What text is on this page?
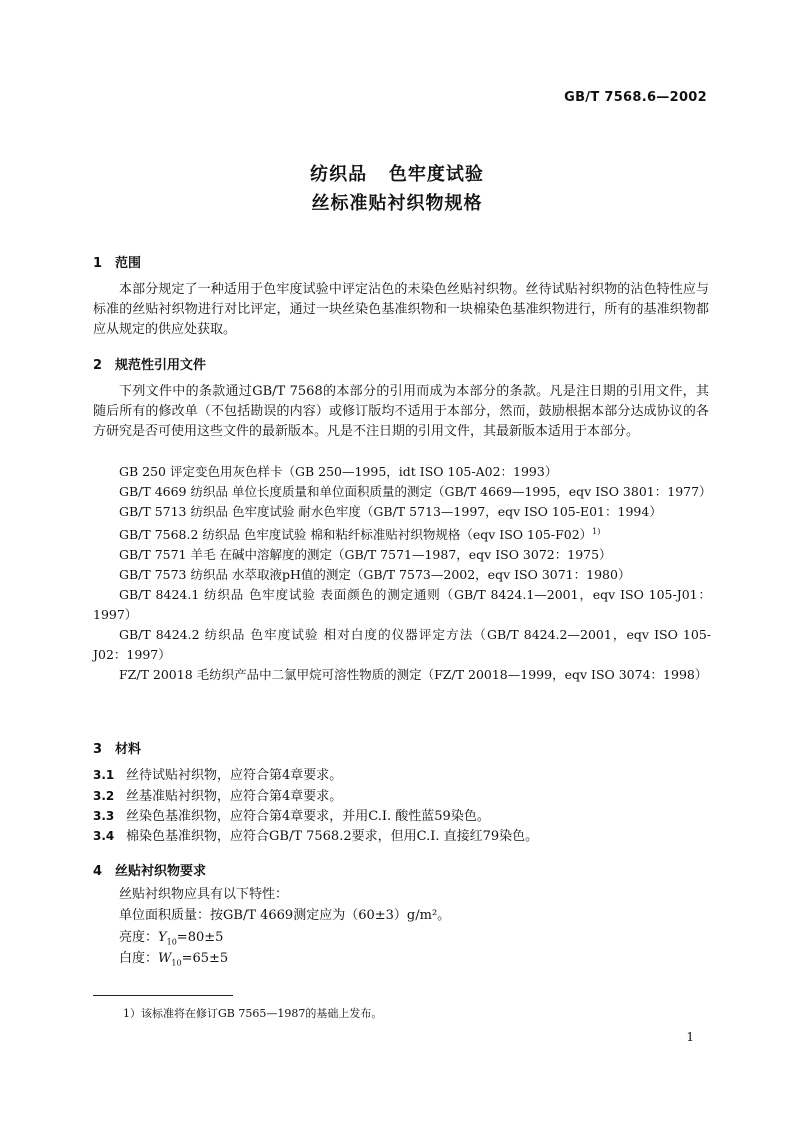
GB/T 7568.6—2002
纺织品   色牢度试验
丝标准贴衬织物规格
1 范围
本部分规定了一种适用于色牢度试验中评定沾色的未染色丝贴衬织物。丝待试贴衬织物的沾色特性应与标准的丝贴衬织物进行对比评定，通过一块丝染色基准织物和一块棉染色基准织物进行，所有的基准织物都应从规定的供应处获取。
2 规范性引用文件
下列文件中的条款通过GB/T 7568的本部分的引用而成为本部分的条款。凡是注日期的引用文件，其随后所有的修改单（不包括勘误的内容）或修订版均不适用于本部分，然而，鼓励根据本部分达成协议的各方研究是否可使用这些文件的最新版本。凡是不注日期的引用文件，其最新版本适用于本部分。

GB 250 评定变色用灰色样卡（GB 250—1995，idt ISO 105-A02：1993）

GB/T 4669 纺织品 单位长度质量和单位面积质量的测定（GB/T 4669—1995，eqv ISO 3801：1977）

GB/T 5713 纺织品 色牢度试验 耐水色牢度（GB/T 5713—1997，eqv ISO 105-E01：1994）

GB/T 7568.2 纺织品 色牢度试验 棉和粘纤标准贴衬织物规格（eqv ISO 105-F02）$^{1)}$

GB/T 7571 羊毛 在碱中溶解度的测定（GB/T 7571—1987，eqv ISO 3072：1975）

GB/T 7573 纺织品 水萃取液pH值的测定（GB/T 7573—2002，eqv ISO 3071：1980）

GB/T 8424.1 纺织品 色牢度试验 表面颜色的测定通则（GB/T 8424.1—2001，eqv ISO 105-J01：1997）

GB/T 8424.2 纺织品 色牢度试验 相对白度的仪器评定方法（GB/T 8424.2—2001，eqv ISO 105-J02：1997）

FZ/T 20018 毛纺织产品中二氯甲烷可溶性物质的测定（FZ/T 20018—1999，eqv ISO 3074：1998）

3 材料
3.1 丝待试贴衬织物，应符合第4章要求。
3.2 丝基准贴衬织物，应符合第4章要求。
3.3 丝染色基准织物，应符合第4章要求，并用C.I. 酸性蓝59染色。
3.4 棉染色基准织物，应符合GB/T 7568.2要求，但用C.I. 直接红79染色。
4 丝贴衬织物要求
丝贴衬织物应具有以下特性：
单位面积质量：按GB/T 4669测定应为（60±3）g/m²。
亮度：$Y_{10}=80\pm 5$
白度：$W_{10}=65\pm 5$
1）该标准将在修订GB 7565—1987的基础上发布。
1
